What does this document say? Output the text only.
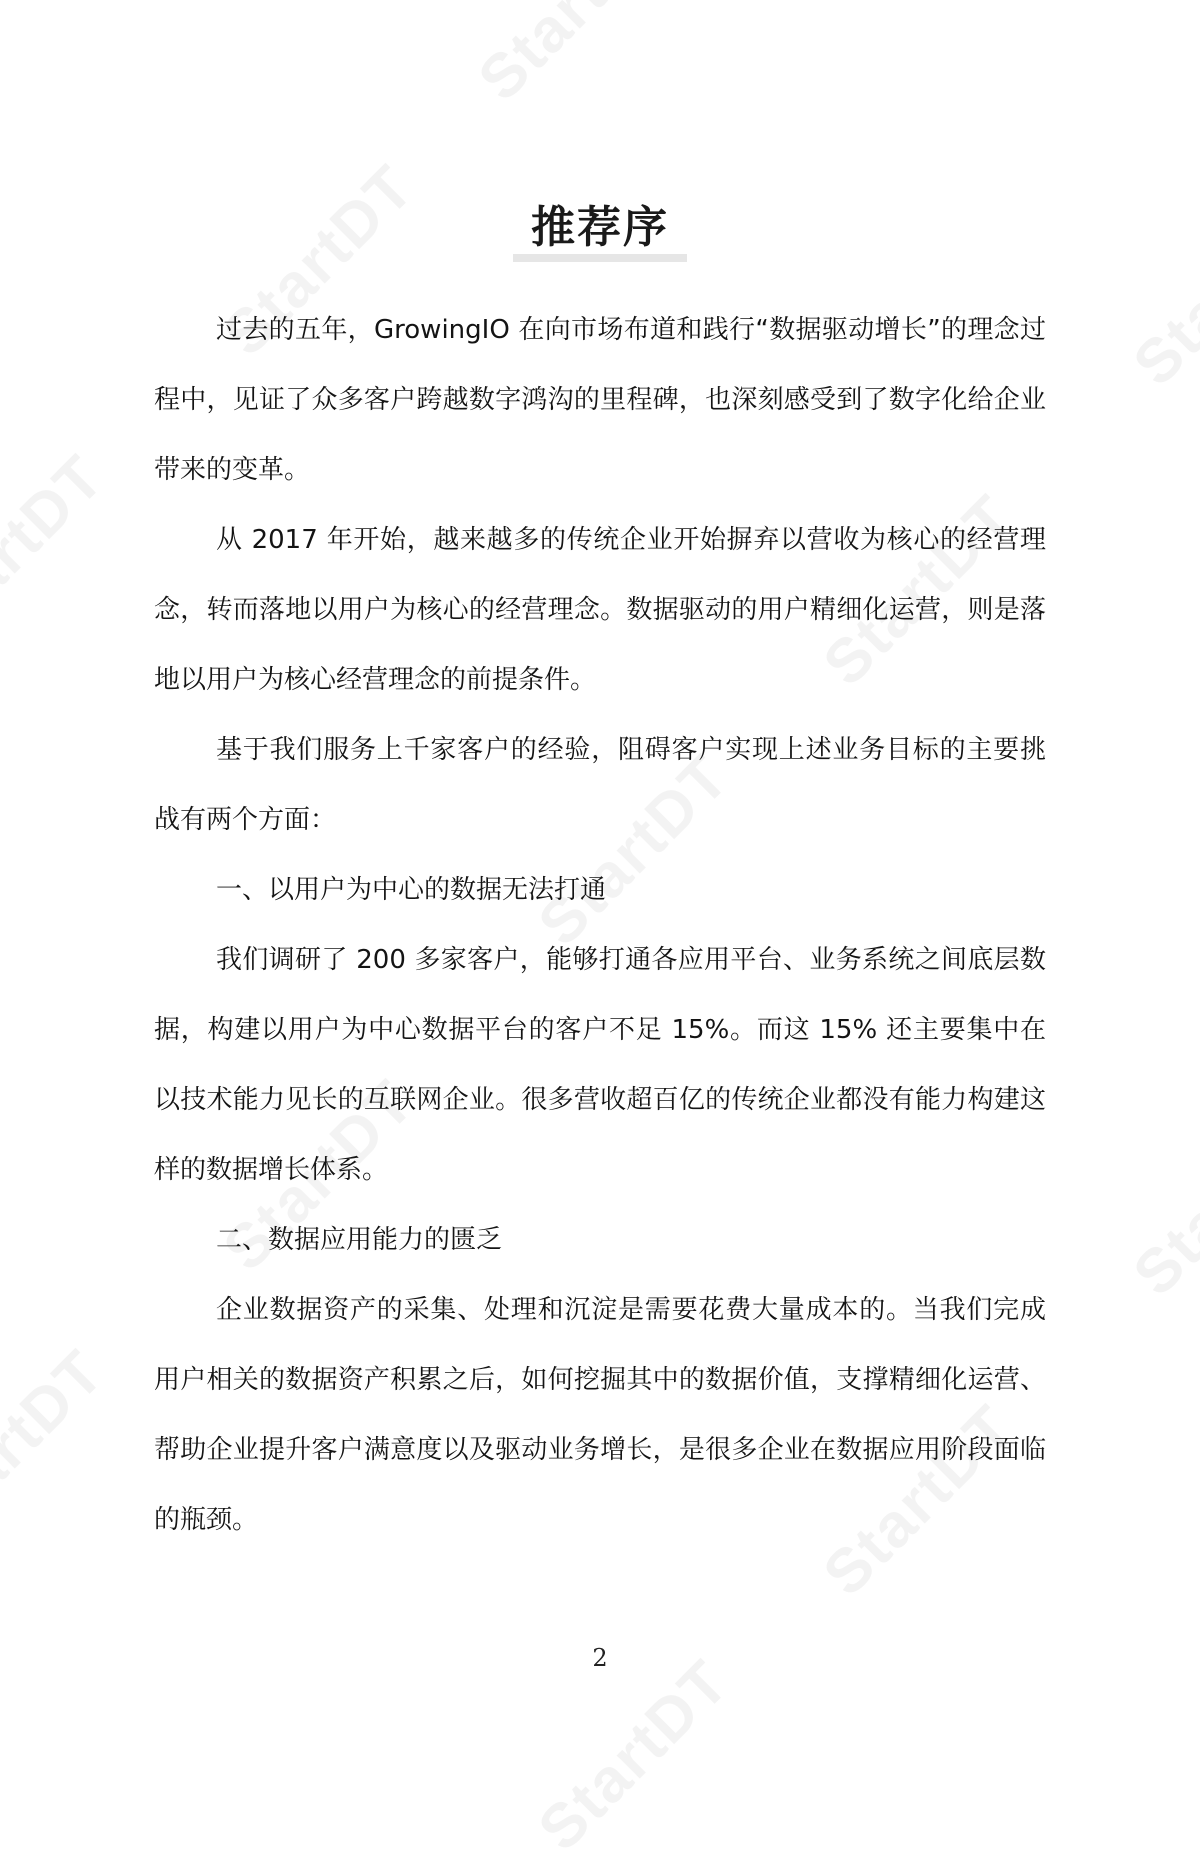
推荐序

过去的五年，GrowingIO 在向市场布道和践行“数据驱动增长”的理念过程中，见证了众多客户跨越数字鸿沟的里程碑，也深刻感受到了数字化给企业带来的变革。

从 2017 年开始，越来越多的传统企业开始摒弃以营收为核心的经营理念，转而落地以用户为核心的经营理念。数据驱动的用户精细化运营，则是落地以用户为核心经营理念的前提条件。

基于我们服务上千家客户的经验，阻碍客户实现上述业务目标的主要挑战有两个方面：

一、以用户为中心的数据无法打通

我们调研了 200 多家客户，能够打通各应用平台、业务系统之间底层数据，构建以用户为中心数据平台的客户不足 15%。而这 15% 还主要集中在以技术能力见长的互联网企业。很多营收超百亿的传统企业都没有能力构建这样的数据增长体系。

二、数据应用能力的匮乏

企业数据资产的采集、处理和沉淀是需要花费大量成本的。当我们完成用户相关的数据资产积累之后，如何挖掘其中的数据价值，支撑精细化运营、帮助企业提升客户满意度以及驱动业务增长，是很多企业在数据应用阶段面临的瓶颈。

2
